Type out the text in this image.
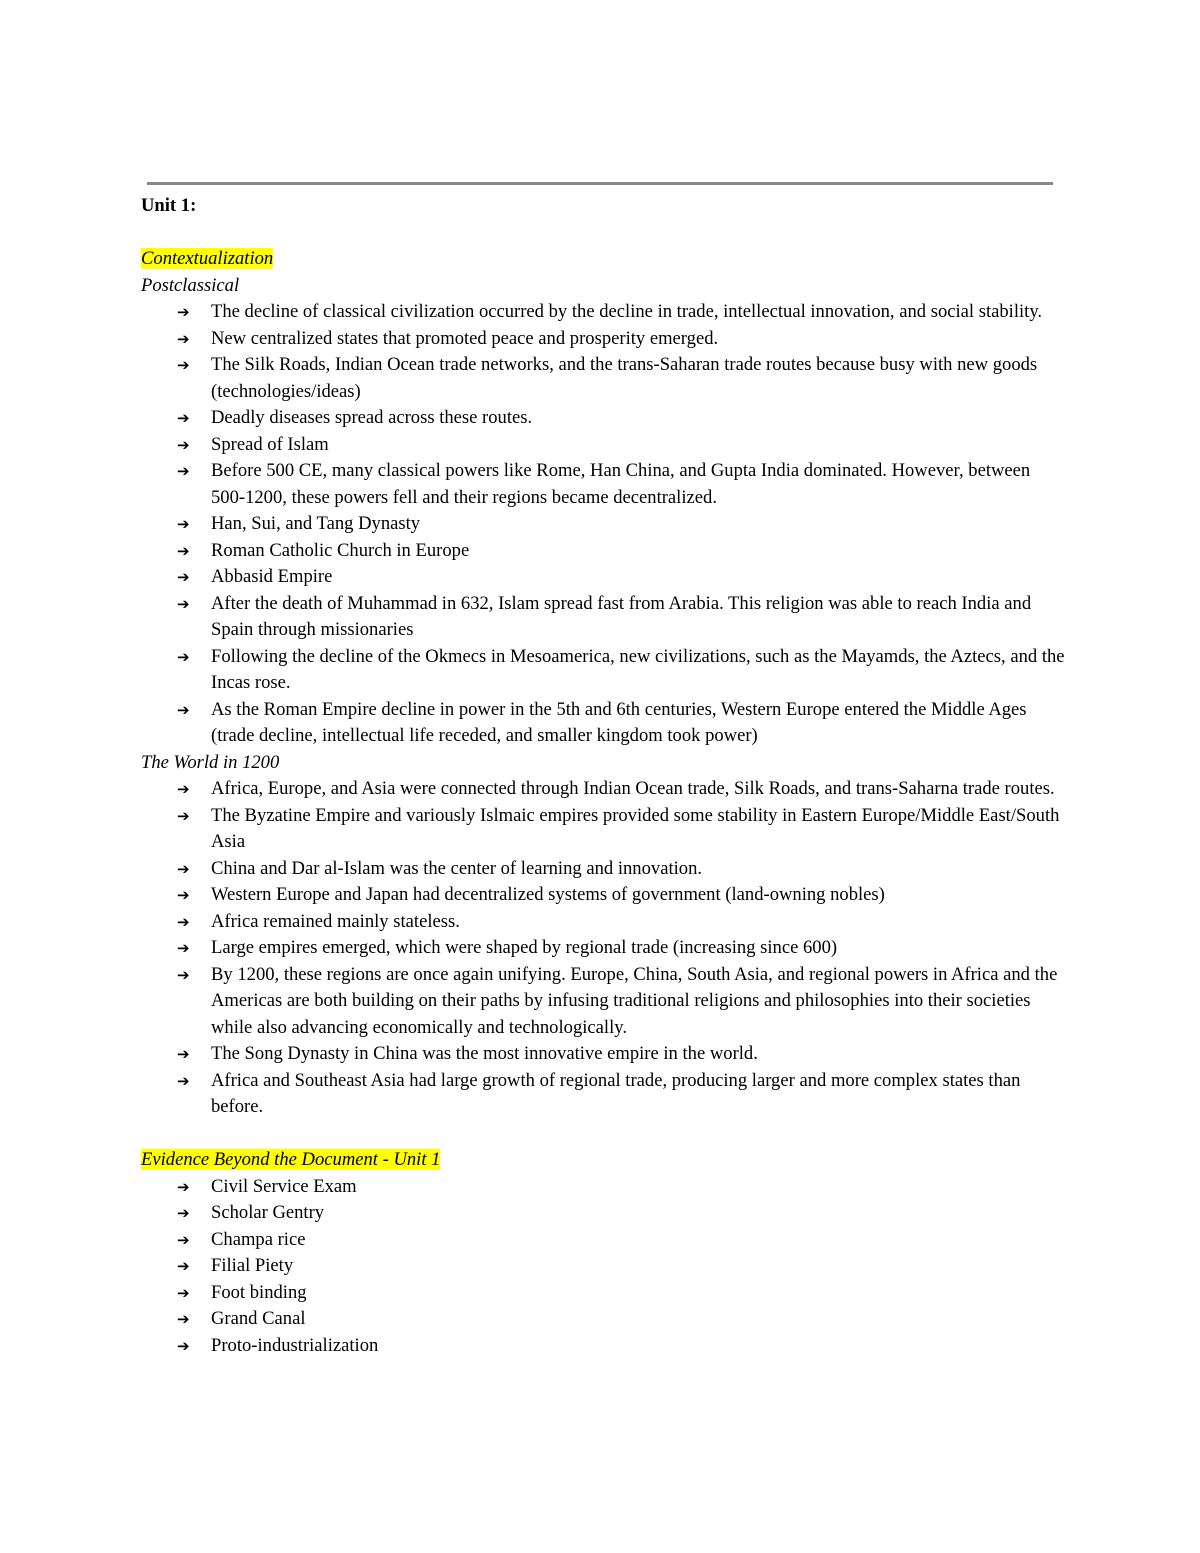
Unit 1:

Contextualization

Postclassical

➔ The decline of classical civilization occurred by the decline in trade, intellectual innovation, and social stability.
➔ New centralized states that promoted peace and prosperity emerged.
➔ The Silk Roads, Indian Ocean trade networks, and the trans-Saharan trade routes because busy with new goods (technologies/ideas)
➔ Deadly diseases spread across these routes.
➔ Spread of Islam
➔ Before 500 CE, many classical powers like Rome, Han China, and Gupta India dominated. However, between 500-1200, these powers fell and their regions became decentralized.
➔ Han, Sui, and Tang Dynasty
➔ Roman Catholic Church in Europe
➔ Abbasid Empire
➔ After the death of Muhammad in 632, Islam spread fast from Arabia. This religion was able to reach India and Spain through missionaries
➔ Following the decline of the Okmecs in Mesoamerica, new civilizations, such as the Mayamds, the Aztecs, and the Incas rose.
➔ As the Roman Empire decline in power in the 5th and 6th centuries, Western Europe entered the Middle Ages (trade decline, intellectual life receded, and smaller kingdom took power)

The World in 1200

➔ Africa, Europe, and Asia were connected through Indian Ocean trade, Silk Roads, and trans-Saharna trade routes.
➔ The Byzatine Empire and variously Islmaic empires provided some stability in Eastern Europe/Middle East/South Asia
➔ China and Dar al-Islam was the center of learning and innovation.
➔ Western Europe and Japan had decentralized systems of government (land-owning nobles)
➔ Africa remained mainly stateless.
➔ Large empires emerged, which were shaped by regional trade (increasing since 600)
➔ By 1200, these regions are once again unifying. Europe, China, South Asia, and regional powers in Africa and the Americas are both building on their paths by infusing traditional religions and philosophies into their societies while also advancing economically and technologically.
➔ The Song Dynasty in China was the most innovative empire in the world.
➔ Africa and Southeast Asia had large growth of regional trade, producing larger and more complex states than before.

Evidence Beyond the Document - Unit 1

➔ Civil Service Exam
➔ Scholar Gentry
➔ Champa rice
➔ Filial Piety
➔ Foot binding
➔ Grand Canal
➔ Proto-industrialization
